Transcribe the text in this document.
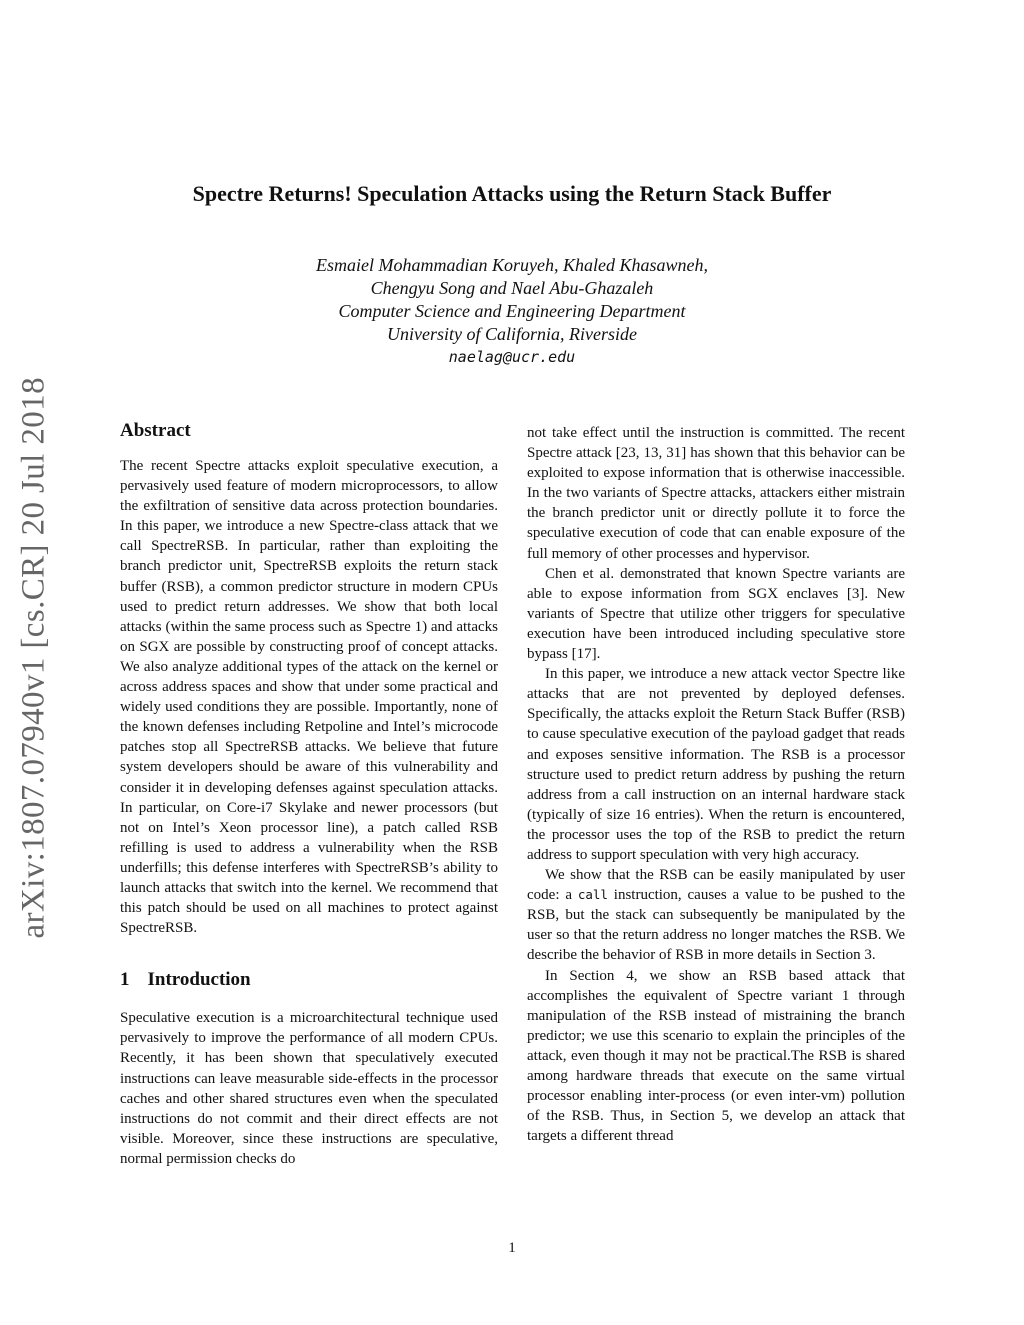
arXiv:1807.07940v1 [cs.CR] 20 Jul 2018
Spectre Returns! Speculation Attacks using the Return Stack Buffer
Esmaiel Mohammadian Koruyeh, Khaled Khasawneh,
Chengyu Song and Nael Abu-Ghazaleh
Computer Science and Engineering Department
University of California, Riverside
naelag@ucr.edu
Abstract

The recent Spectre attacks exploit speculative execution, a pervasively used feature of modern microprocessors, to allow the exfiltration of sensitive data across protection boundaries. In this paper, we introduce a new Spectre-class attack that we call SpectreRSB. In particular, rather than exploiting the branch predictor unit, SpectreRSB exploits the return stack buffer (RSB), a common predictor structure in modern CPUs used to predict return addresses. We show that both local attacks (within the same process such as Spectre 1) and attacks on SGX are possible by constructing proof of concept attacks. We also analyze additional types of the attack on the kernel or across address spaces and show that under some practical and widely used conditions they are possible. Importantly, none of the known defenses including Retpoline and Intel’s microcode patches stop all SpectreRSB attacks. We believe that future system developers should be aware of this vulnerability and consider it in developing defenses against speculation attacks. In particular, on Core-i7 Skylake and newer processors (but not on Intel’s Xeon processor line), a patch called RSB refilling is used to address a vulnerability when the RSB underfills; this defense interferes with SpectreRSB’s ability to launch attacks that switch into the kernel. We recommend that this patch should be used on all machines to protect against SpectreRSB.

1 Introduction

Speculative execution is a microarchitectural technique used pervasively to improve the performance of all modern CPUs. Recently, it has been shown that speculatively executed instructions can leave measurable side-effects in the processor caches and other shared structures even when the speculated instructions do not commit and their direct effects are not visible. Moreover, since these instructions are speculative, normal permission checks do

not take effect until the instruction is committed. The recent Spectre attack [23, 13, 31] has shown that this behavior can be exploited to expose information that is otherwise inaccessible. In the two variants of Spectre attacks, attackers either mistrain the branch predictor unit or directly pollute it to force the speculative execution of code that can enable exposure of the full memory of other processes and hypervisor.

Chen et al. demonstrated that known Spectre variants are able to expose information from SGX enclaves [3]. New variants of Spectre that utilize other triggers for speculative execution have been introduced including speculative store bypass [17].

In this paper, we introduce a new attack vector Spectre like attacks that are not prevented by deployed defenses. Specifically, the attacks exploit the Return Stack Buffer (RSB) to cause speculative execution of the payload gadget that reads and exposes sensitive information. The RSB is a processor structure used to predict return address by pushing the return address from a call instruction on an internal hardware stack (typically of size 16 entries). When the return is encountered, the processor uses the top of the RSB to predict the return address to support speculation with very high accuracy.

We show that the RSB can be easily manipulated by user code: a call instruction, causes a value to be pushed to the RSB, but the stack can subsequently be manipulated by the user so that the return address no longer matches the RSB. We describe the behavior of RSB in more details in Section 3.

In Section 4, we show an RSB based attack that accomplishes the equivalent of Spectre variant 1 through manipulation of the RSB instead of mistraining the branch predictor; we use this scenario to explain the principles of the attack, even though it may not be practical.The RSB is shared among hardware threads that execute on the same virtual processor enabling inter-process (or even inter-vm) pollution of the RSB. Thus, in Section 5, we develop an attack that targets a different thread

1
